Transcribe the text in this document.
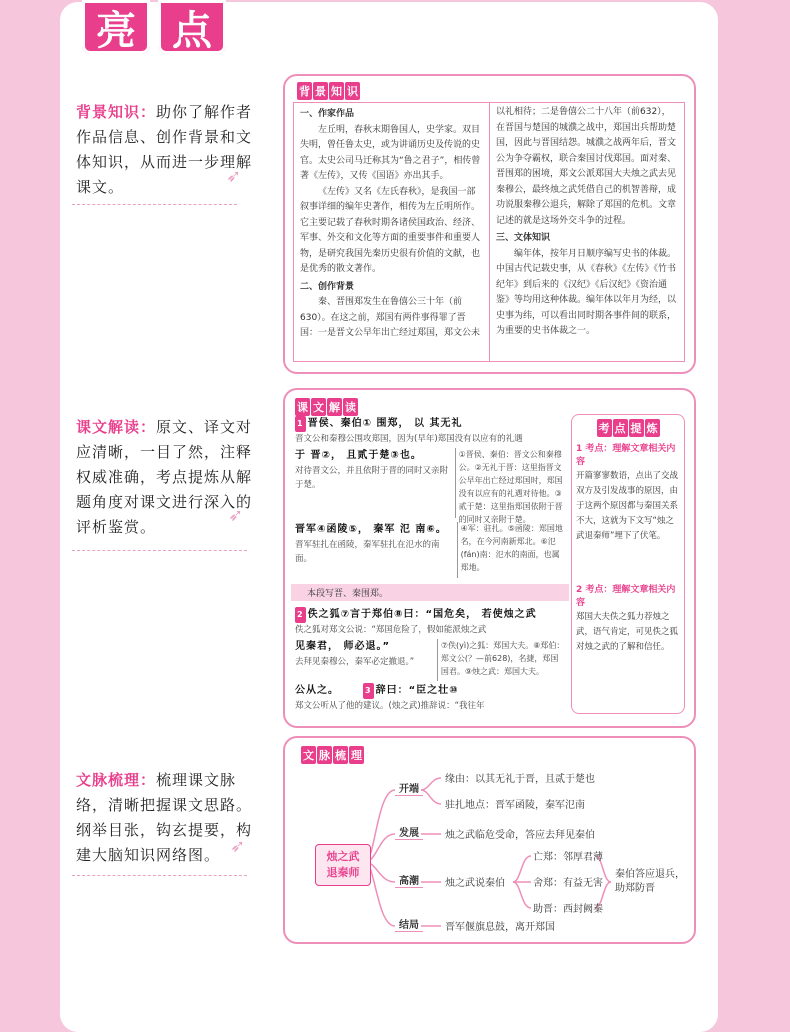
亮 点
背景知识：助你了解作者作品信息、创作背景和文体知识，从而进一步理解课文。	➶
课文解读：原文、译文对应清晰，一目了然，注释权威准确，考点提炼从解题角度对课文进行深入的评析鉴赏。
➶
文脉梳理：梳理课文脉络，清晰把握课文思路。纲举目张，钩玄提要，构建大脑知识网络图。 ➶
背 景 知 识
一、作家作品

左丘明，春秋末期鲁国人，史学家。双目失明，曾任鲁太史，或为讲诵历史及传说的史官。太史公司马迁称其为“鲁之君子”，相传曾著《左传》，又传《国语》亦出其手。

《左传》又名《左氏春秋》，是我国一部叙事详细的编年史著作，相传为左丘明所作。它主要记载了春秋时期各诸侯国政治、经济、军事、外交和文化等方面的重要事件和重要人物，是研究我国先秦历史很有价值的文献，也是优秀的散文著作。

二、创作背景

秦、晋围郑发生在鲁僖公三十年（前630）。在这之前，郑国有两件事得罪了晋国：一是晋文公早年出亡经过郑国，郑文公未

以礼相待；二是鲁僖公二十八年（前632），在晋国与楚国的城濮之战中，郑国出兵帮助楚国，因此与晋国结怨。城濮之战两年后，晋文公为争夺霸权，联合秦国讨伐郑国。面对秦、晋围郑的困境，郑文公派郑国大夫烛之武去见秦穆公，最终烛之武凭借自己的机智善辩，成功说服秦穆公退兵，解除了郑国的危机。文章记述的就是这场外交斗争的过程。

三、文体知识

编年体，按年月日顺序编写史书的体裁。中国古代记载史事，从《春秋》《左传》《竹书纪年》到后来的《汉纪》《后汉纪》《资治通鉴》等均用这种体裁。编年体以年月为经，以史事为纬，可以看出同时期各事件间的联系，为重要的史书体裁之一。

课 文 解 读
1 晋侯、秦伯① 围郑， 以 其无礼
晋文公和秦穆公围攻郑国，因为(早年)郑国没有以应有的礼遇
于 晋②， 且贰于楚③也。
对待晋文公，并且依附于晋的同时又亲附于楚。
①晋侯、秦伯：晋文公和秦穆公。②无礼于晋：这里指晋文公早年出亡经过郑国时，郑国没有以应有的礼遇对待他。③贰于楚：这里指郑国依附于晋的同时又亲附于楚。
晋军④函陵⑤， 秦军 氾 南⑥。
晋军驻扎在函陵，秦军驻扎在氾水的南面。
④军：驻扎。⑤函陵：郑国地名，在今河南新郑北。⑥氾(fán)南：氾水的南面，也属郑地。
本段写晋、秦围郑。
2 佚之狐⑦言于郑伯⑧曰：“国危矣， 若使烛之武
佚之狐对郑文公说：“郑国危险了，假如能派烛之武
见秦君， 师必退。”
去拜见秦穆公，秦军必定撤退。”
⑦佚(yì)之狐：郑国大夫。⑧郑伯：郑文公(？—前628)，名捷，郑国国君。⑨烛之武：郑国大夫。
公从之。	3 辞曰：“臣之壮⑩
郑文公听从了他的建议。(烛之武)推辞说：“我往年
考 点 提 炼
1 考点：理解文章相关内容
开篇寥寥数语，点出了交战双方及引发战事的原因，由于这两个原因都与秦国关系不大，这就为下文写“烛之武退秦师”埋下了伏笔。
2 考点：理解文章相关内容
郑国大夫佚之狐力荐烛之武，语气肯定，可见佚之狐对烛之武的了解和信任。
文 脉 梳 理
烛之武退秦师
开端
缘由：以其无礼于晋，且贰于楚也
驻扎地点：晋军函陵，秦军氾南
发展	烛之武临危受命，答应去拜见秦伯
高潮	烛之武说秦伯
亡郑：邻厚君薄
舍郑：有益无害
助晋：西封阙秦
秦伯答应退兵，助郑防晋
结局	晋军偃旗息鼓，离开郑国
